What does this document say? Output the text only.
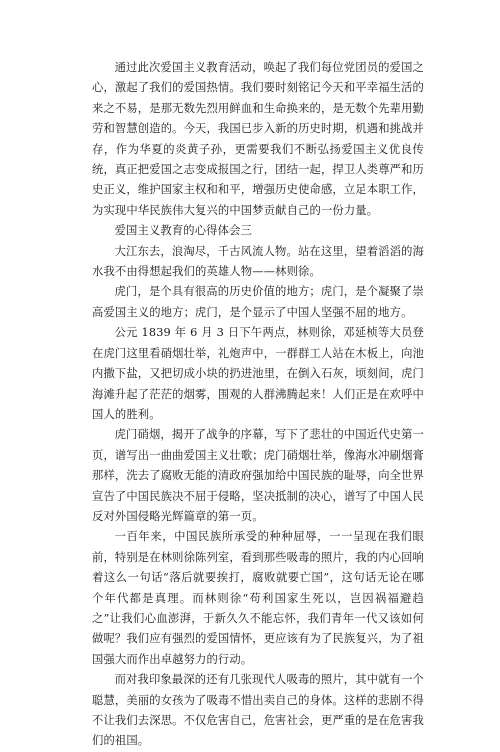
通过此次爱国主义教育活动，唤起了我们每位党团员的爱国之心，激起了我们的爱国热情。我们要时刻铭记今天和平幸福生活的来之不易，是那无数先烈用鲜血和生命换来的，是无数个先辈用勤劳和智慧创造的。今天，我国已步入新的历史时期，机遇和挑战并存，作为华夏的炎黄子孙，更需要我们不断弘扬爱国主义优良传统，真正把爱国之志变成报国之行，团结一起，捍卫人类尊严和历史正义，维护国家主权和和平，增强历史使命感，立足本职工作，为实现中华民族伟大复兴的中国梦贡献自己的一份力量。

爱国主义教育的心得体会三

大江东去，浪淘尽，千古风流人物。站在这里，望着滔滔的海水我不由得想起我们的英雄人物——林则徐。

虎门，是个具有很高的历史价值的地方；虎门，是个凝聚了崇高爱国主义的地方；虎门，是个显示了中国人坚强不屈的地方。

公元 1839 年 6 月 3 日下午两点，林则徐，邓延桢等大员登在虎门这里看硝烟壮举，礼炮声中，一群群工人站在木板上，向池内撒下盐，又把切成小块的扔进池里，在倒入石灰，顷刻间，虎门海滩升起了茫茫的烟雾，围观的人群沸腾起来！人们正是在欢呼中国人的胜利。

虎门硝烟，揭开了战争的序幕，写下了悲壮的中国近代史第一页，谱写出一曲曲爱国主义壮歌；虎门硝烟壮举，像海水冲刷烟膏那样，洗去了腐败无能的清政府强加给中国民族的耻辱，向全世界宣告了中国民族决不屈于侵略，坚决抵制的决心，谱写了中国人民反对外国侵略光辉篇章的第一页。

一百年来，中国民族所承受的种种屈辱，一一呈现在我们眼前，特别是在林则徐陈列室，看到那些吸毒的照片，我的内心回响着这么一句话“落后就要挨打，腐败就要亡国”，这句话无论在哪个年代都是真理。而林则徐“苟利国家生死以，岂因祸福避趋之”让我们心血澎湃，于新久久不能忘怀，我们青年一代又该如何做呢？我们应有强烈的爱国情怀，更应该有为了民族复兴，为了祖国强大而作出卓越努力的行动。

而对我印象最深的还有几张现代人吸毒的照片，其中就有一个聪慧，美丽的女孩为了吸毒不惜出卖自己的身体。这样的悲剧不得不让我们去深思。不仅危害自己，危害社会，更严重的是在危害我们的祖国。
